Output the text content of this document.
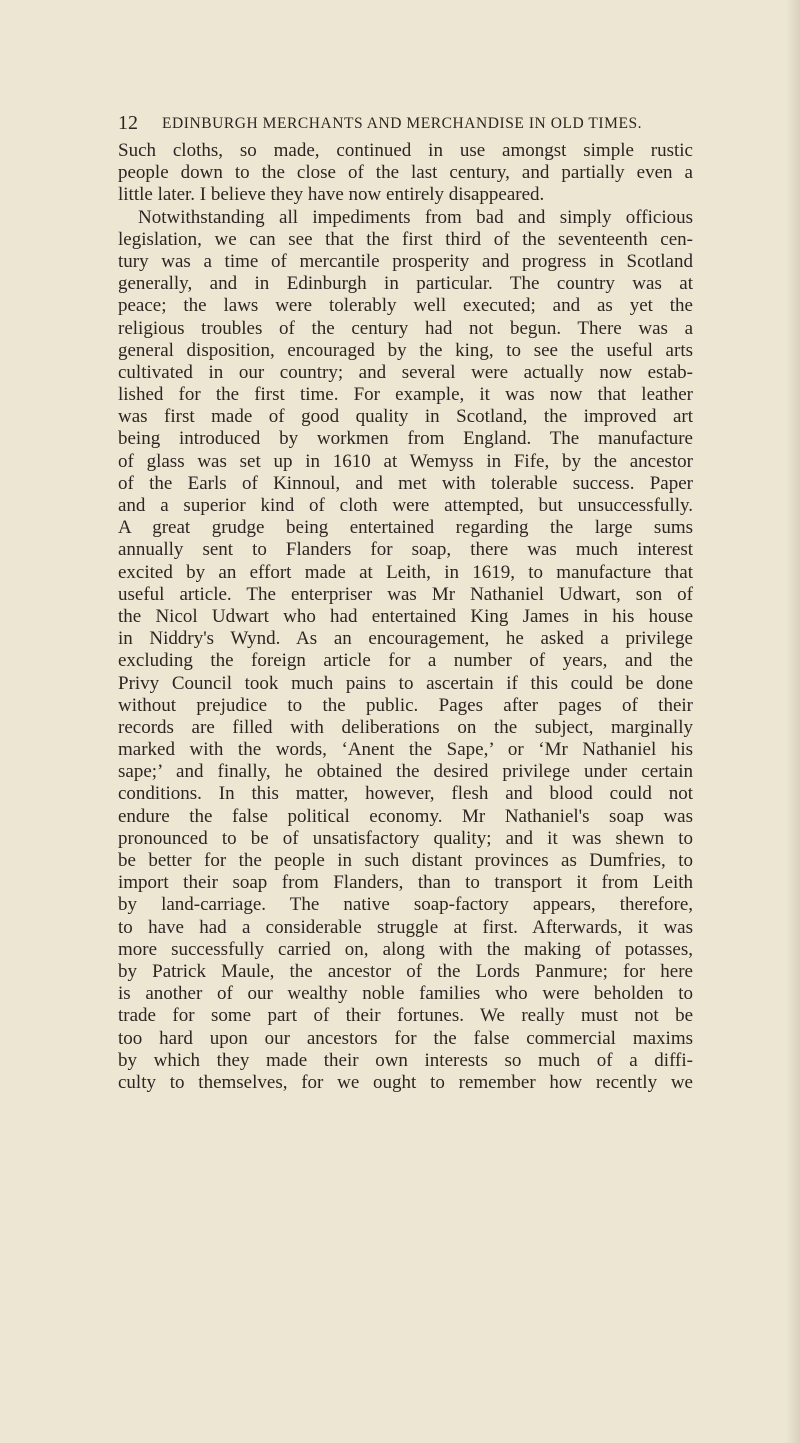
12 EDINBURGH MERCHANTS AND MERCHANDISE IN OLD TIMES.
Such cloths, so made, continued in use amongst simple rustic
people down to the close of the last century, and partially even a
little later. I believe they have now entirely disappeared.
Notwithstanding all impediments from bad and simply officious
legislation, we can see that the first third of the seventeenth cen-
tury was a time of mercantile prosperity and progress in Scotland
generally, and in Edinburgh in particular. The country was at
peace; the laws were tolerably well executed; and as yet the
religious troubles of the century had not begun. There was a
general disposition, encouraged by the king, to see the useful arts
cultivated in our country; and several were actually now estab-
lished for the first time. For example, it was now that leather
was first made of good quality in Scotland, the improved art
being introduced by workmen from England. The manufacture
of glass was set up in 1610 at Wemyss in Fife, by the ancestor
of the Earls of Kinnoul, and met with tolerable success. Paper
and a superior kind of cloth were attempted, but unsuccessfully.
A great grudge being entertained regarding the large sums
annually sent to Flanders for soap, there was much interest
excited by an effort made at Leith, in 1619, to manufacture that
useful article. The enterpriser was Mr Nathaniel Udwart, son of
the Nicol Udwart who had entertained King James in his house
in Niddry's Wynd. As an encouragement, he asked a privilege
excluding the foreign article for a number of years, and the
Privy Council took much pains to ascertain if this could be done
without prejudice to the public. Pages after pages of their
records are filled with deliberations on the subject, marginally
marked with the words, ‘Anent the Sape,’ or ‘Mr Nathaniel his
sape;’ and finally, he obtained the desired privilege under certain
conditions. In this matter, however, flesh and blood could not
endure the false political economy. Mr Nathaniel's soap was
pronounced to be of unsatisfactory quality; and it was shewn to
be better for the people in such distant provinces as Dumfries, to
import their soap from Flanders, than to transport it from Leith
by land-carriage. The native soap-factory appears, therefore,
to have had a considerable struggle at first. Afterwards, it was
more successfully carried on, along with the making of potasses,
by Patrick Maule, the ancestor of the Lords Panmure; for here
is another of our wealthy noble families who were beholden to
trade for some part of their fortunes. We really must not be
too hard upon our ancestors for the false commercial maxims
by which they made their own interests so much of a diffi-
culty to themselves, for we ought to remember how recently we
